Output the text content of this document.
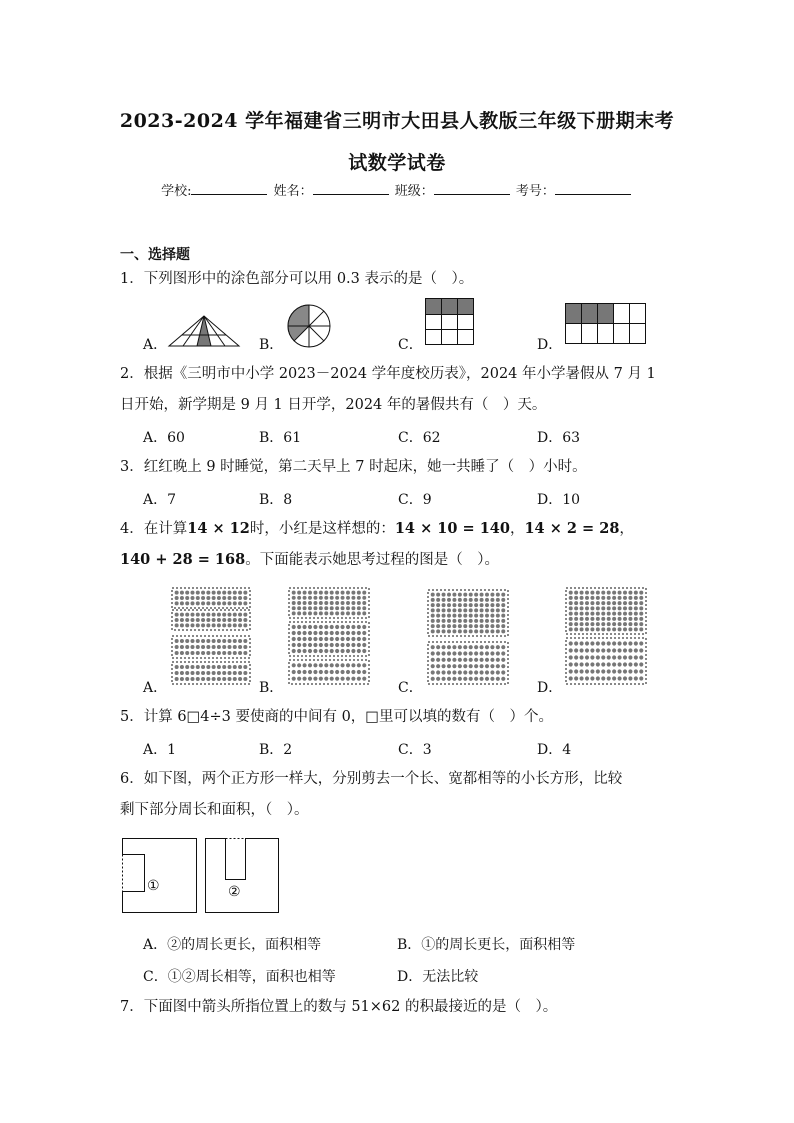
2023-2024 学年福建省三明市大田县人教版三年级下册期末考
试数学试卷
学校:	姓名：	班级：	考号：
一、选择题
1．下列图形中的涂色部分可以用 0.3 表示的是（　）。
A．	B．	C．	D．
2．根据《三明市中小学 2023－2024 学年度校历表》，2024 年小学暑假从 7 月 1
日开始，新学期是 9 月 1 日开学，2024 年的暑假共有（　）天。
A．60	B．61	C．62	D．63
3．红红晚上 9 时睡觉，第二天早上 7 时起床，她一共睡了（　）小时。
A．7	B．8	C．9	D．10
4．在计算14 × 12时，小红是这样想的：14 × 10 = 140，14 × 2 = 28，
140 + 28 = 168。下面能表示她思考过程的图是（　）。
A．	B．	C．	D．
5．计算 6□4÷3 要使商的中间有 0，□里可以填的数有（　）个。
A．1	B．2	C．3	D．4
6．如下图，两个正方形一样大，分别剪去一个长、宽都相等的小长方形，比较
剩下部分周长和面积，（　）。
①	②
A．②的周长更长，面积相等	B．①的周长更长，面积相等
C．①②周长相等，面积也相等	D．无法比较
7．下面图中箭头所指位置上的数与 51×62 的积最接近的是（　）。
